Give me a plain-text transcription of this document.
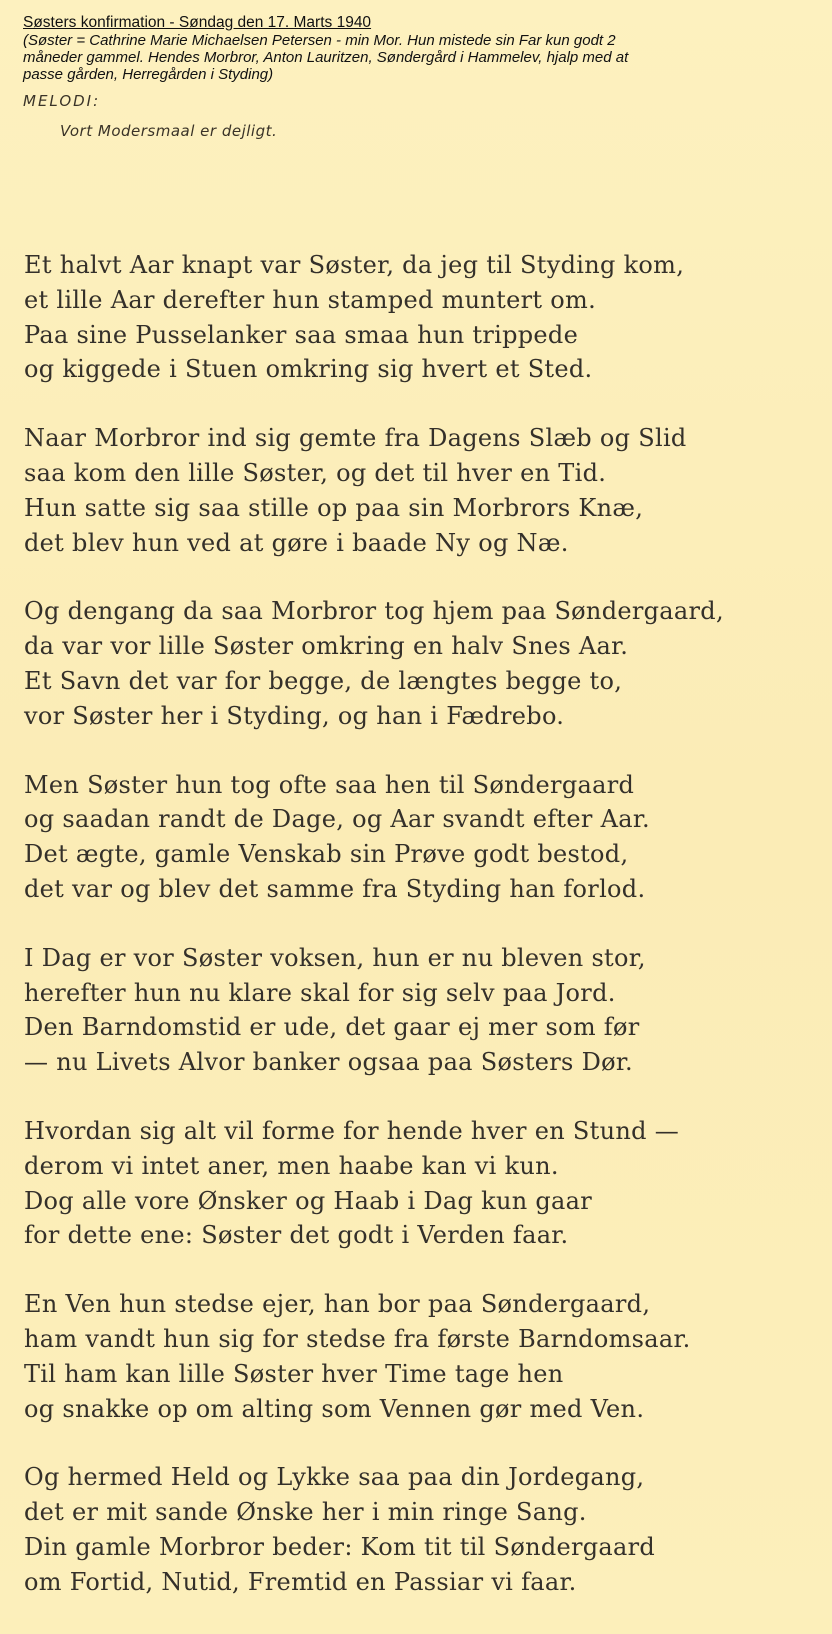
Søsters konfirmation - Søndag den 17. Marts 1940
(Søster = Cathrine Marie Michaelsen Petersen - min Mor. Hun mistede sin Far kun godt 2
måneder gammel. Hendes Morbror, Anton Lauritzen, Søndergård i Hammelev, hjalp med at
passe gården, Herregården i Styding)
MELODI:
Vort Modersmaal er dejligt.
Et halvt Aar knapt var Søster, da jeg til Styding kom,
et lille Aar derefter hun stamped muntert om.
Paa sine Pusselanker saa smaa hun trippede
og kiggede i Stuen omkring sig hvert et Sted.
Naar Morbror ind sig gemte fra Dagens Slæb og Slid
saa kom den lille Søster, og det til hver en Tid.
Hun satte sig saa stille op paa sin Morbrors Knæ,
det blev hun ved at gøre i baade Ny og Næ.
Og dengang da saa Morbror tog hjem paa Søndergaard,
da var vor lille Søster omkring en halv Snes Aar.
Et Savn det var for begge, de længtes begge to,
vor Søster her i Styding, og han i Fædrebo.
Men Søster hun tog ofte saa hen til Søndergaard
og saadan randt de Dage, og Aar svandt efter Aar.
Det ægte, gamle Venskab sin Prøve godt bestod,
det var og blev det samme fra Styding han forlod.
I Dag er vor Søster voksen, hun er nu bleven stor,
herefter hun nu klare skal for sig selv paa Jord.
Den Barndomstid er ude, det gaar ej mer som før
— nu Livets Alvor banker ogsaa paa Søsters Dør.
Hvordan sig alt vil forme for hende hver en Stund —
derom vi intet aner, men haabe kan vi kun.
Dog alle vore Ønsker og Haab i Dag kun gaar
for dette ene: Søster det godt i Verden faar.
En Ven hun stedse ejer, han bor paa Søndergaard,
ham vandt hun sig for stedse fra første Barndomsaar.
Til ham kan lille Søster hver Time tage hen
og snakke op om alting som Vennen gør med Ven.
Og hermed Held og Lykke saa paa din Jordegang,
det er mit sande Ønske her i min ringe Sang.
Din gamle Morbror beder: Kom tit til Søndergaard
om Fortid, Nutid, Fremtid en Passiar vi faar.
